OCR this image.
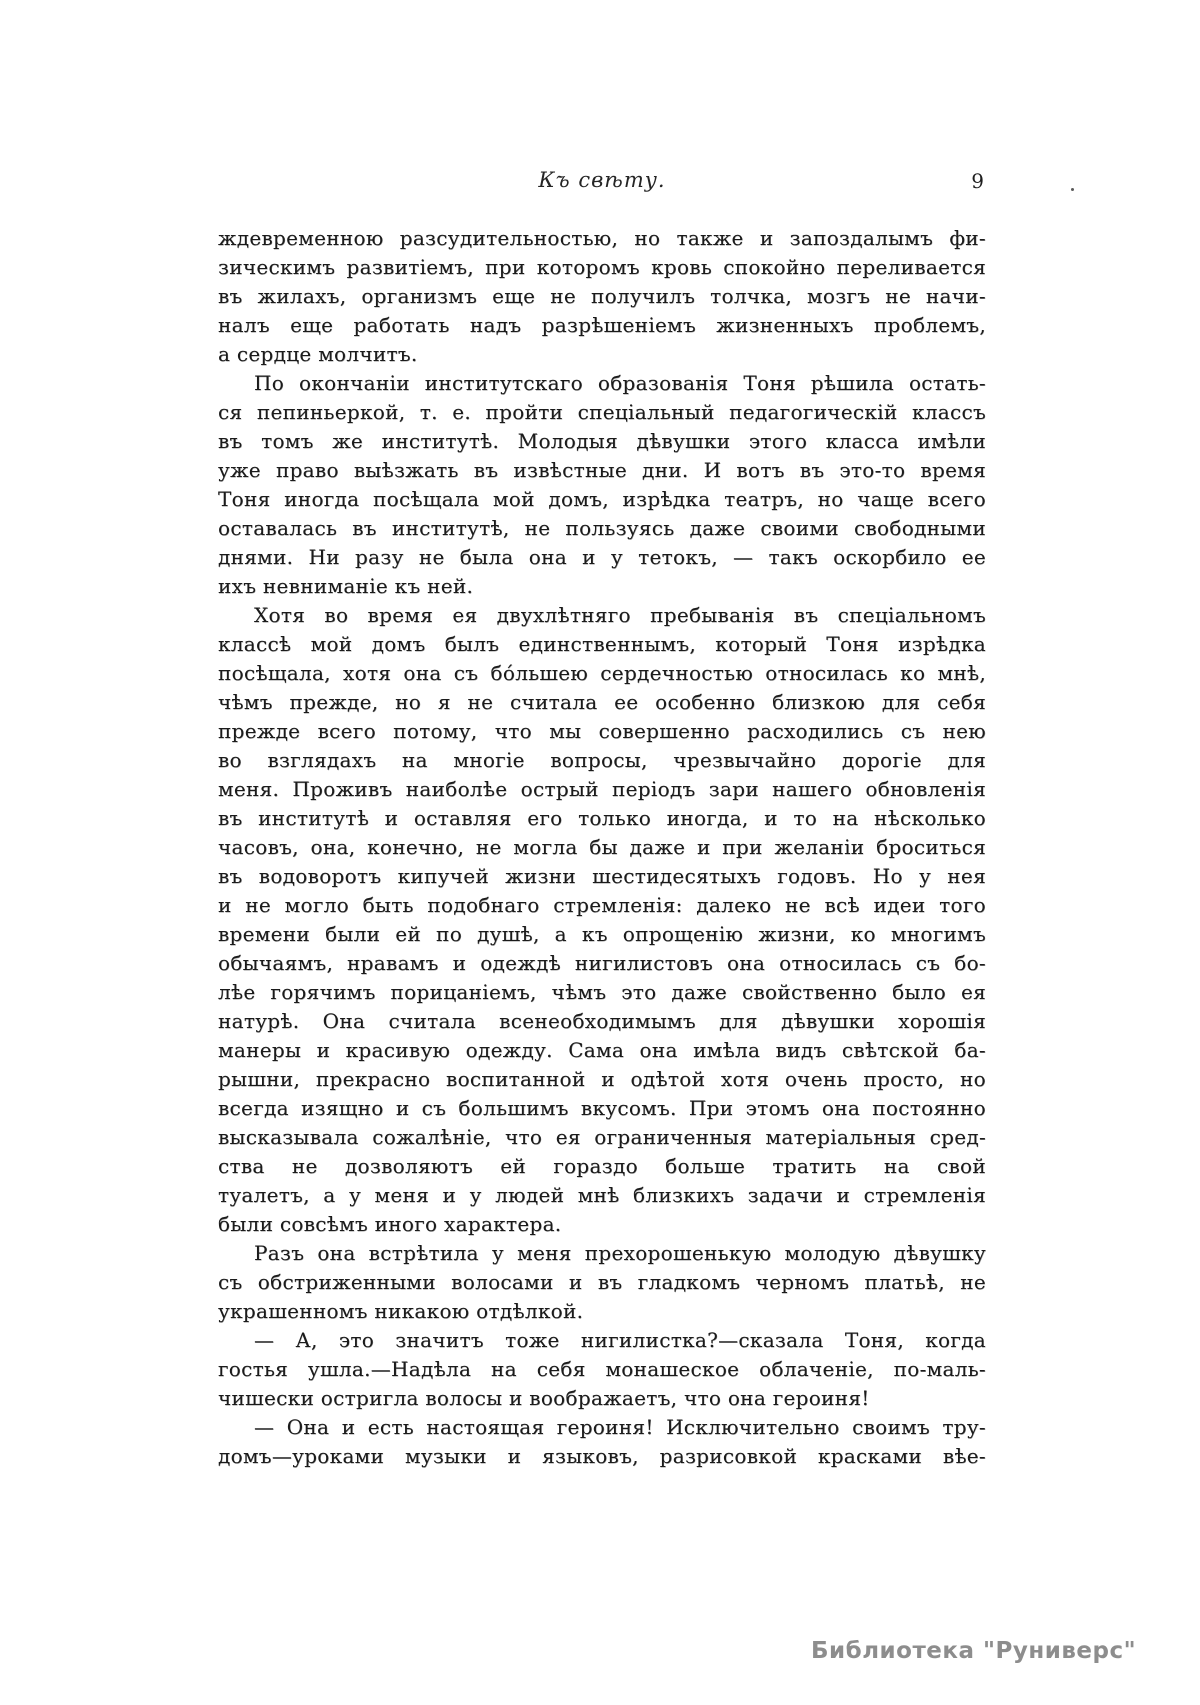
Къ свѣту.	9
ждевременною разсудительностью, но также и запоздалымъ фи-
зическимъ развитіемъ, при которомъ кровь спокойно переливается
въ жилахъ, организмъ еще не получилъ толчка, мозгъ не начи-
налъ еще работать надъ разрѣшеніемъ жизненныхъ проблемъ,
а сердце молчитъ.
По окончаніи институтскаго образованія Тоня рѣшила остать-
ся пепиньеркой, т. е. пройти спеціальный педагогическій классъ
въ томъ же институтѣ. Молодыя дѣвушки этого класса имѣли
уже право выѣзжать въ извѣстные дни. И вотъ въ это-то время
Тоня иногда посѣщала мой домъ, изрѣдка театръ, но чаще всего
оставалась въ институтѣ, не пользуясь даже своими свободными
днями. Ни разу не была она и у тетокъ, — такъ оскорбило ее
ихъ невниманіе къ ней.
Хотя во время ея двухлѣтняго пребыванія въ спеціальномъ
классѣ мой домъ былъ единственнымъ, который Тоня изрѣдка
посѣщала, хотя она съ бо́льшею сердечностью относилась ко мнѣ,
чѣмъ прежде, но я не считала ее особенно близкою для себя
прежде всего потому, что мы совершенно расходились съ нею
во взглядахъ на многіе вопросы, чрезвычайно дорогіе для
меня. Проживъ наиболѣе острый періодъ зари нашего обновленія
въ институтѣ и оставляя его только иногда, и то на нѣсколько
часовъ, она, конечно, не могла бы даже и при желаніи броситься
въ водоворотъ кипучей жизни шестидесятыхъ годовъ. Но у нея
и не могло быть подобнаго стремленія: далеко не всѣ идеи того
времени были ей по душѣ, а къ опрощенію жизни, ко многимъ
обычаямъ, нравамъ и одеждѣ нигилистовъ она относилась съ бо-
лѣе горячимъ порицаніемъ, чѣмъ это даже свойственно было ея
натурѣ. Она считала всенеобходимымъ для дѣвушки хорошія
манеры и красивую одежду. Сама она имѣла видъ свѣтской ба-
рышни, прекрасно воспитанной и одѣтой хотя очень просто, но
всегда изящно и съ большимъ вкусомъ. При этомъ она постоянно
высказывала сожалѣніе, что ея ограниченныя матеріальныя сред-
ства не дозволяютъ ей гораздо больше тратить на свой
туалетъ, а у меня и у людей мнѣ близкихъ задачи и стремленія
были совсѣмъ иного характера.
Разъ она встрѣтила у меня прехорошенькую молодую дѣвушку
съ обстриженными волосами и въ гладкомъ черномъ платьѣ, не
украшенномъ никакою отдѣлкой.
— А, это значитъ тоже нигилистка?—сказала Тоня, когда
гостья ушла.—Надѣла на себя монашеское облаченіе, по-маль-
чишески остригла волосы и воображаетъ, что она героиня!
— Она и есть настоящая героиня! Исключительно своимъ тру-
домъ—уроками музыки и языковъ, разрисовкой красками вѣе-
Библиотека "Руниверс"
